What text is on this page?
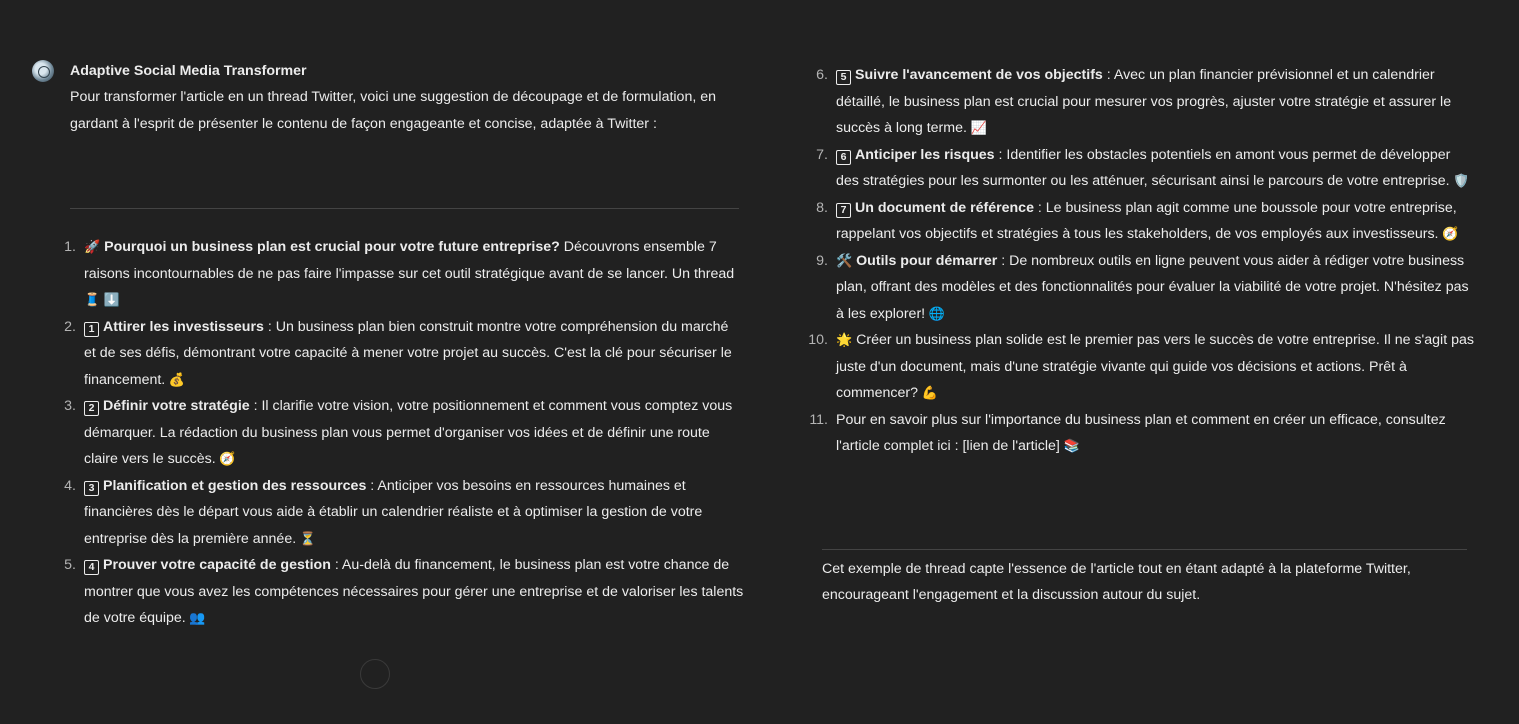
Adaptive Social Media Transformer
Pour transformer l'article en un thread Twitter, voici une suggestion de découpage et de formulation, en gardant à l'esprit de présenter le contenu de façon engageante et concise, adaptée à Twitter :
1. 🚀 Pourquoi un business plan est crucial pour votre future entreprise? Découvrons ensemble 7 raisons incontournables de ne pas faire l'impasse sur cet outil stratégique avant de se lancer. Un thread 🧵 ⬇️
2.	1 Attirer les investisseurs : Un business plan bien construit montre votre compréhension du marché et de ses défis, démontrant votre capacité à mener votre projet au succès. C'est la clé pour sécuriser le financement. 💰
3.	2 Définir votre stratégie : Il clarifie votre vision, votre positionnement et comment vous comptez vous démarquer. La rédaction du business plan vous permet d'organiser vos idées et de définir une route claire vers le succès. 🧭
4.	3 Planification et gestion des ressources : Anticiper vos besoins en ressources humaines et financières dès le départ vous aide à établir un calendrier réaliste et à optimiser la gestion de votre entreprise dès la première année. ⏳
5.	4 Prouver votre capacité de gestion : Au-delà du financement, le business plan est votre chance de montrer que vous avez les compétences nécessaires pour gérer une entreprise et de valoriser les talents de votre équipe. 👥
6.	5 Suivre l'avancement de vos objectifs : Avec un plan financier prévisionnel et un calendrier détaillé, le business plan est crucial pour mesurer vos progrès, ajuster votre stratégie et assurer le succès à long terme. 📈
7.	6 Anticiper les risques : Identifier les obstacles potentiels en amont vous permet de développer des stratégies pour les surmonter ou les atténuer, sécurisant ainsi le parcours de votre entreprise. 🛡️
8.	7 Un document de référence : Le business plan agit comme une boussole pour votre entreprise, rappelant vos objectifs et stratégies à tous les stakeholders, de vos employés aux investisseurs. 🧭
9. 🛠️ Outils pour démarrer : De nombreux outils en ligne peuvent vous aider à rédiger votre business plan, offrant des modèles et des fonctionnalités pour évaluer la viabilité de votre projet. N'hésitez pas à les explorer! 🌐
10. 🌟 Créer un business plan solide est le premier pas vers le succès de votre entreprise. Il ne s'agit pas juste d'un document, mais d'une stratégie vivante qui guide vos décisions et actions. Prêt à commencer? 💪
11. Pour en savoir plus sur l'importance du business plan et comment en créer un efficace, consultez l'article complet ici : [lien de l'article] 📚
Cet exemple de thread capte l'essence de l'article tout en étant adapté à la plateforme Twitter, encourageant l'engagement et la discussion autour du sujet.
